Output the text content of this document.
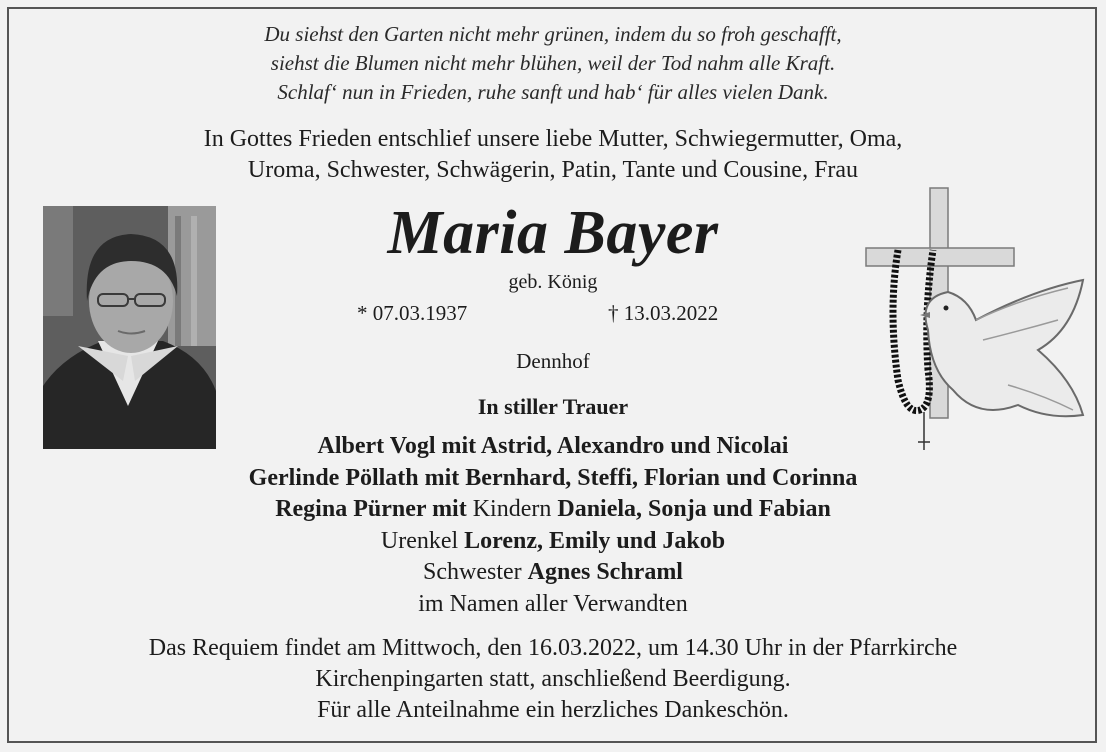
Du siehst den Garten nicht mehr grünen, indem du so froh geschafft,
siehst die Blumen nicht mehr blühen, weil der Tod nahm alle Kraft.
Schlaf‘ nun in Frieden, ruhe sanft und hab‘ für alles vielen Dank.
In Gottes Frieden entschlief unsere liebe Mutter, Schwiegermutter, Oma,
Uroma, Schwester, Schwägerin, Patin, Tante und Cousine, Frau
Maria Bayer
geb. König
* 07.03.1937	† 13.03.2022
Dennhof
In stiller Trauer
Albert Vogl mit Astrid, Alexandro und Nicolai
Gerlinde Pöllath mit Bernhard, Steffi, Florian und Corinna
Regina Pürner mit Kindern Daniela, Sonja und Fabian
Urenkel Lorenz, Emily und Jakob
Schwester Agnes Schraml
im Namen aller Verwandten
Das Requiem findet am Mittwoch, den 16.03.2022, um 14.30 Uhr in der Pfarrkirche
Kirchenpingarten statt, anschließend Beerdigung.
Für alle Anteilnahme ein herzliches Dankeschön.
